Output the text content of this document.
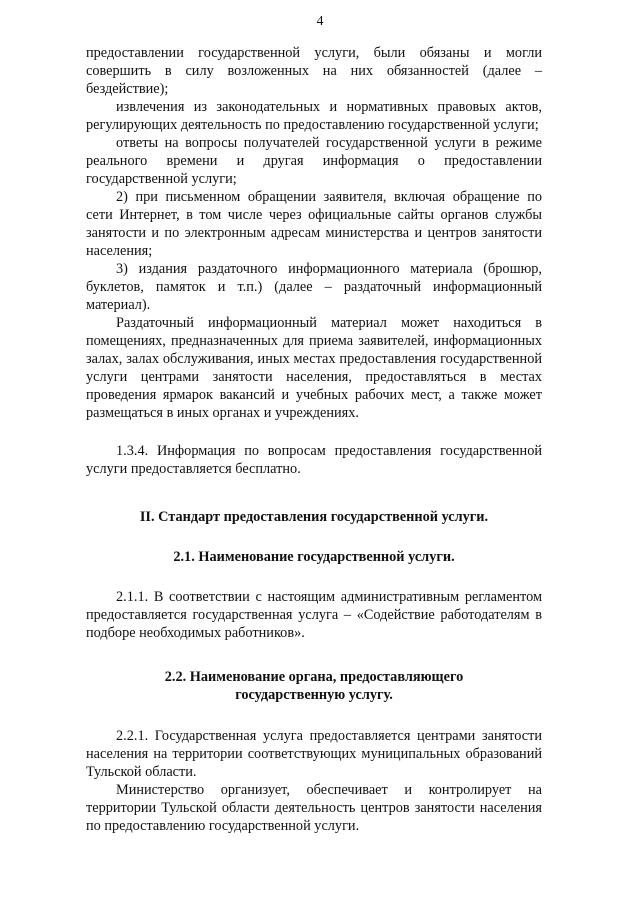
4

предоставлении государственной услуги, были обязаны и могли совершить в силу возложенных на них обязанностей (далее – бездействие);

извлечения из законодательных и нормативных правовых актов, регулирующих деятельность по предоставлению государственной услуги;

ответы на вопросы получателей государственной услуги в режиме реального времени и другая информация о предоставлении государственной услуги;

2) при письменном обращении заявителя, включая обращение по сети Интернет, в том числе через официальные сайты органов службы занятости и по электронным адресам министерства и центров занятости населения;

3) издания раздаточного информационного материала (брошюр, буклетов, памяток и т.п.) (далее – раздаточный информационный материал).

Раздаточный информационный материал может находиться в помещениях, предназначенных для приема заявителей, информационных залах, залах обслуживания, иных местах предоставления государственной услуги центрами занятости населения, предоставляться в местах проведения ярмарок вакансий и учебных рабочих мест, а также может размещаться в иных органах и учреждениях.

1.3.4. Информация по вопросам предоставления государственной услуги предоставляется бесплатно.

II. Стандарт предоставления государственной услуги.

2.1. Наименование государственной услуги.

2.1.1. В соответствии с настоящим административным регламентом предоставляется государственная услуга – «Содействие работодателям в подборе необходимых работников».

2.2. Наименование органа, предоставляющего
государственную услугу.

2.2.1. Государственная услуга предоставляется центрами занятости населения на территории соответствующих муниципальных образований Тульской области.

Министерство организует, обеспечивает и контролирует на территории Тульской области деятельность центров занятости населения по предоставлению государственной услуги.
